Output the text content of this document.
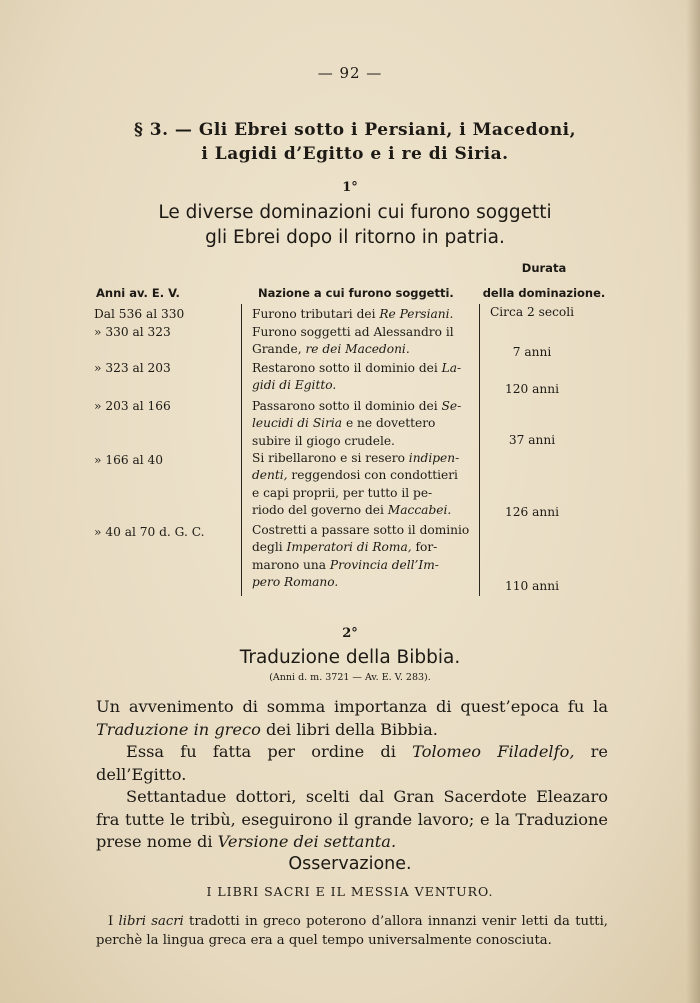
— 92 —
§ 3. — Gli Ebrei sotto i Persiani, i Macedoni,
i Lagidi d’Egitto e i re di Siria.
1°
Le diverse dominazioni cui furono soggetti
gli Ebrei dopo il ritorno in patria.
Anni av. E. V.	Nazione a cui furono soggetti.
Durata
della dominazione.
Dal 536 al 330	Furono tributari dei Re Persiani.	Circa 2 secoli
» 330 al 323	Furono soggetti ad Alessandro il
Grande, re dei Macedoni.	7 anni
» 323 al 203	Restarono sotto il dominio dei La-
gidi di Egitto.	120 anni
» 203 al 166	Passarono sotto il dominio dei Se-
leucidi di Siria e ne dovettero
subire il giogo crudele.	37 anni
» 166 al 40	Si ribellarono e si resero indipen-
denti, reggendosi con condottieri
e capi proprii, per tutto il pe-
riodo del governo dei Maccabei.	126 anni
» 40 al 70 d. G. C.	Costretti a passare sotto il dominio
degli Imperatori di Roma, for-
marono una Provincia dell’Im-
pero Romano.	110 anni
2°
Traduzione della Bibbia.
(Anni d. m. 3721 — Av. E. V. 283).

Un avvenimento di somma importanza di quest’epoca fu la Traduzione in greco dei libri della Bibbia.

Essa fu fatta per ordine di Tolomeo Filadelfo, re dell’Egitto.

Settantadue dottori, scelti dal Gran Sacerdote Eleazaro fra tutte le tribù, eseguirono il grande lavoro; e la Traduzione prese nome di Versione dei settanta.

Osservazione.
I LIBRI SACRI E IL MESSIA VENTURO.
I libri sacri tradotti in greco poterono d’allora innanzi venir letti da tutti, perchè la lingua greca era a quel tempo universalmente conosciuta.
